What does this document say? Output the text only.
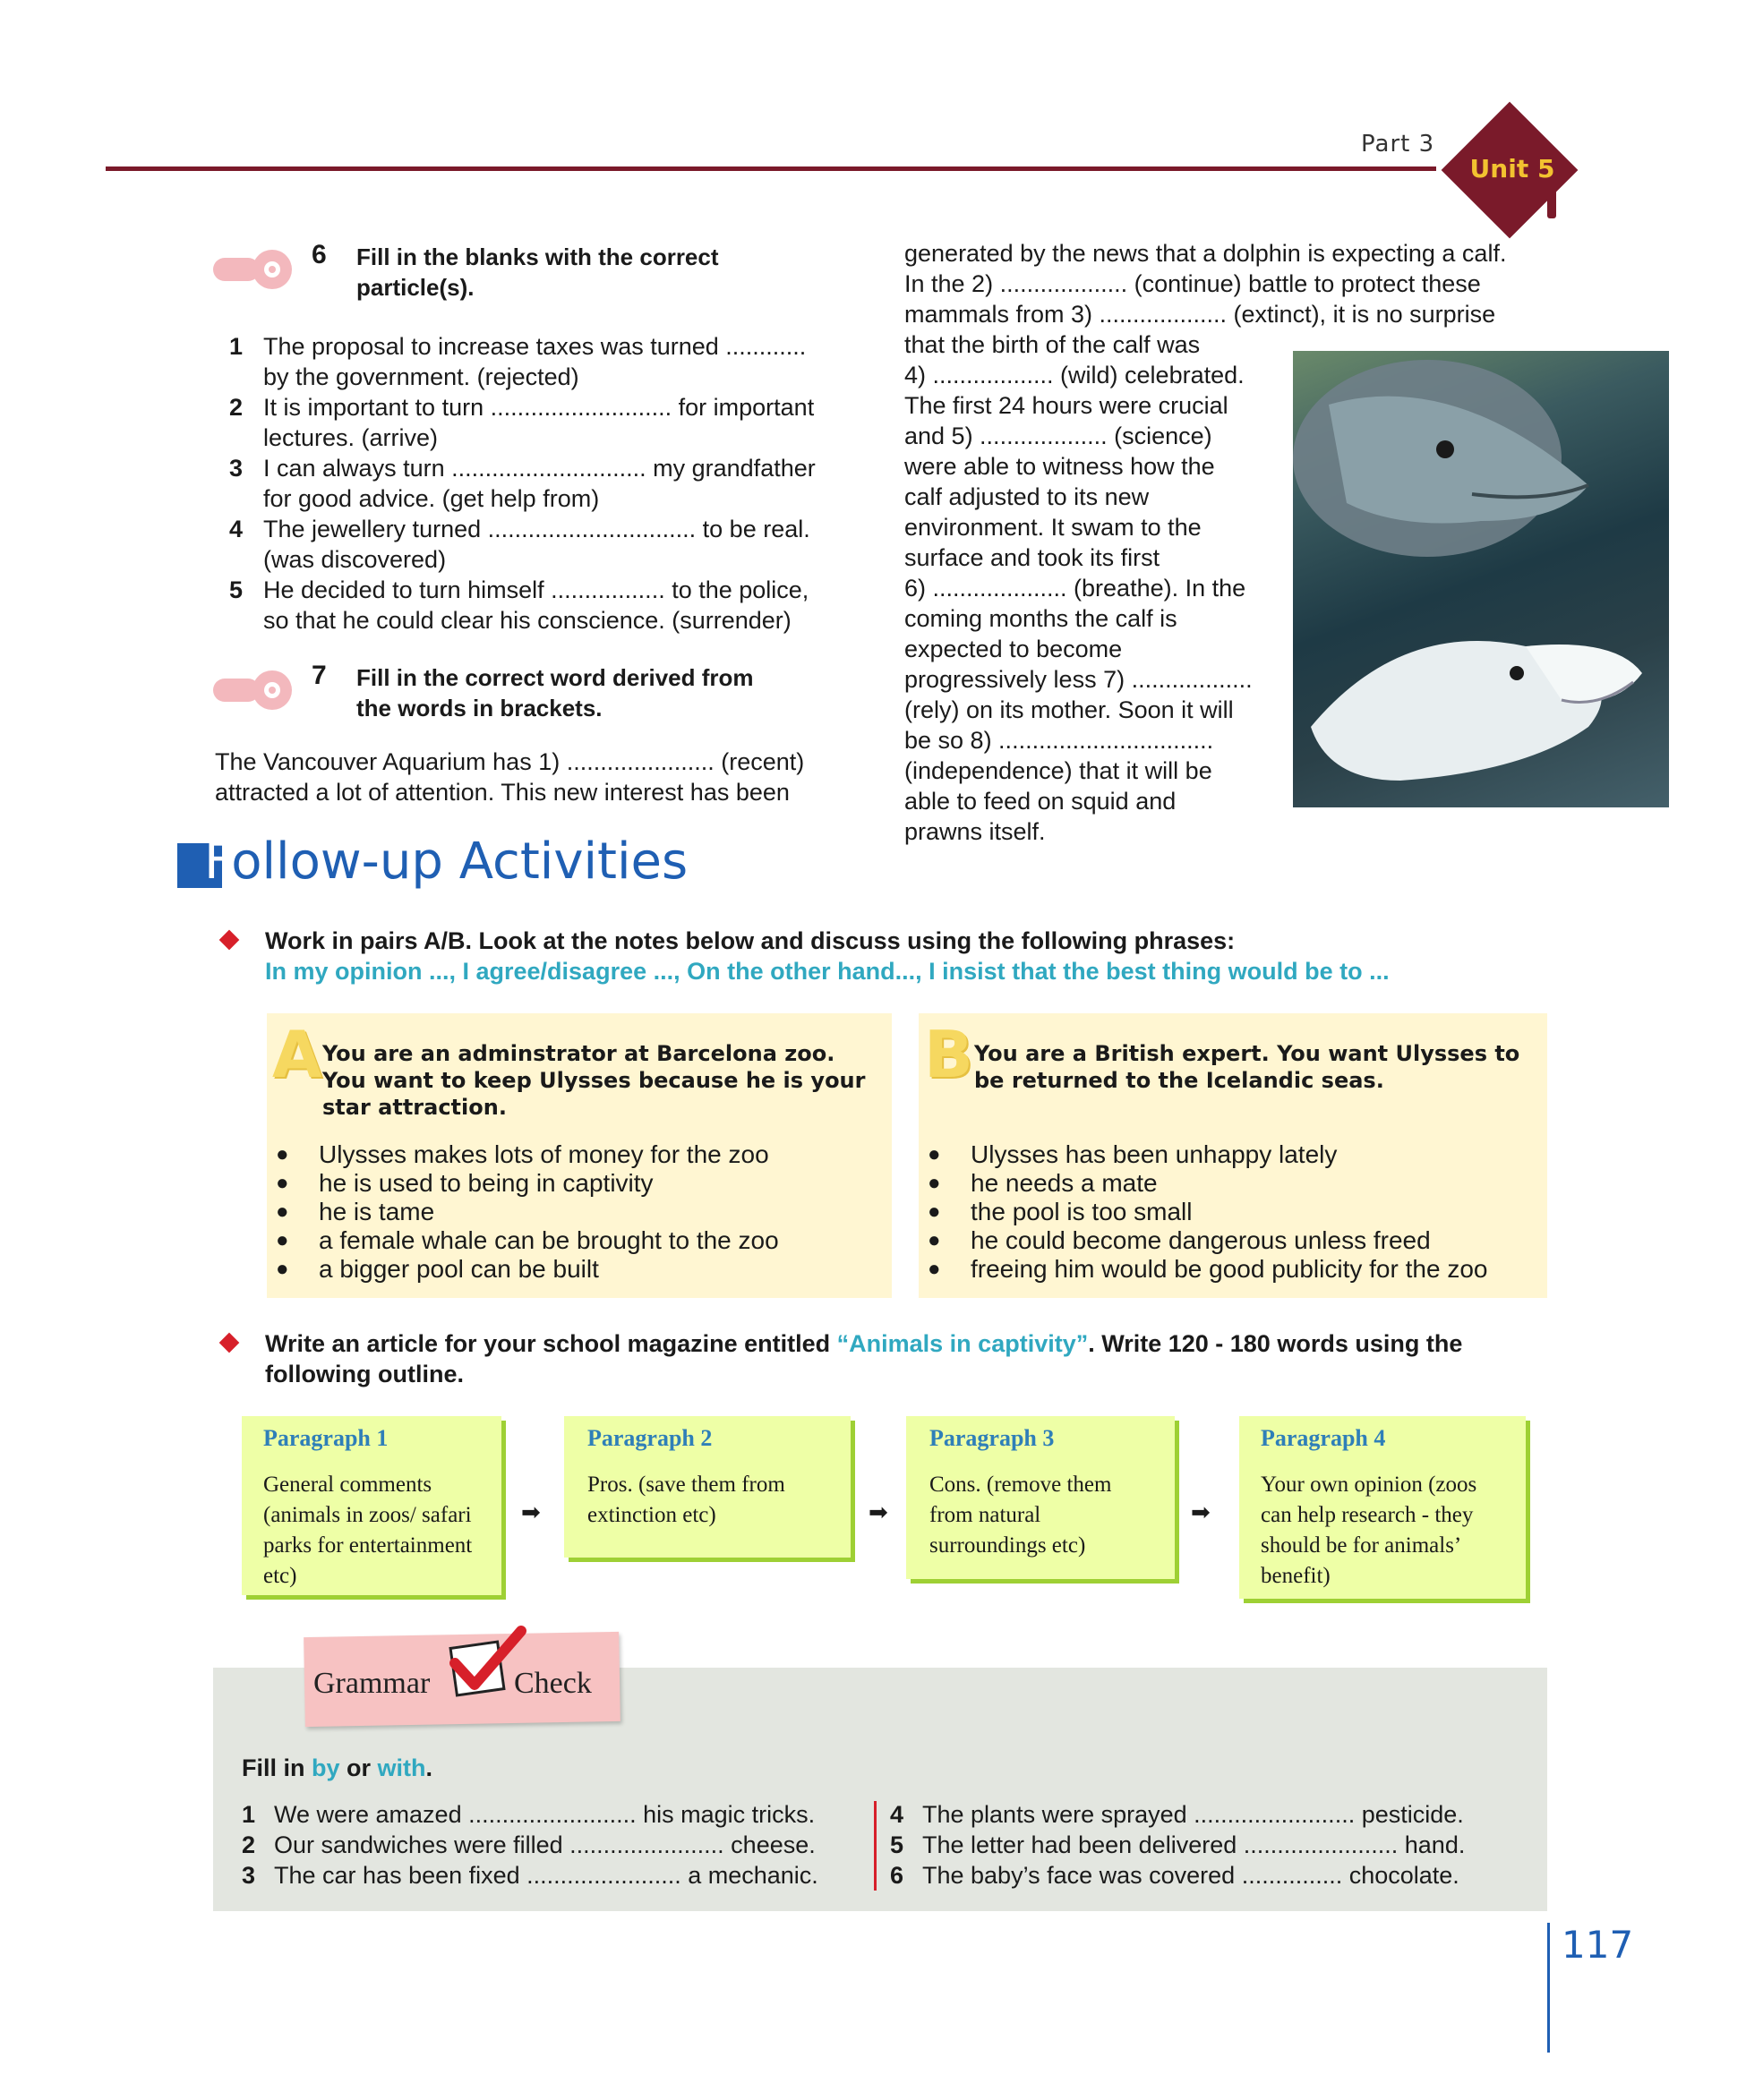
Part 3
Unit 5
6 Fill in the blanks with the correct
particle(s).
1 The proposal to increase taxes was turned ............
by the government. (rejected)
2 It is important to turn ........................... for important
lectures. (arrive)
3 I can always turn ............................. my grandfather
for good advice. (get help from)
4 The jewellery turned ............................... to be real.
(was discovered)
5 He decided to turn himself ................. to the police,
so that he could clear his conscience. (surrender)
7 Fill in the correct word derived from
the words in brackets.
The Vancouver Aquarium has 1) ...................... (recent)
attracted a lot of attention. This new interest has been
generated by the news that a dolphin is expecting a calf.
In the 2) ................... (continue) battle to protect these
mammals from 3) ................... (extinct), it is no surprise
that the birth of the calf was
4) .................. (wild) celebrated.
The first 24 hours were crucial
and 5) ................... (science)
were able to witness how the
calf adjusted to its new
environment. It swam to the
surface and took its first
6) .................... (breathe). In the
coming months the calf is
expected to become
progressively less 7) ..................
(rely) on its mother. Soon it will
be so 8) ................................
(independence) that it will be
able to feed on squid and
prawns itself.
Follow-up Activities
Work in pairs A/B. Look at the notes below and discuss using the following phrases:
In my opinion ..., I agree/disagree ..., On the other hand..., I insist that the best thing would be to ...
A You are an adminstrator at Barcelona zoo. You want to keep Ulysses because he is your star attraction.
●	Ulysses makes lots of money for the zoo
●	he is used to being in captivity
●	he is tame
●	a female whale can be brought to the zoo
●	a bigger pool can be built
B You are a British expert. You want Ulysses to be returned to the Icelandic seas.
●	Ulysses has been unhappy lately
●	he needs a mate
●	the pool is too small
●	he could become dangerous unless freed
●	freeing him would be good publicity for the zoo
Write an article for your school magazine entitled “Animals in captivity”. Write 120 - 180 words using the
following outline.
Paragraph 1
General comments (animals in zoos/ safari parks for entertainment etc)
➡
Paragraph 2
Pros. (save them from extinction etc)	➡
Paragraph 3
Cons. (remove them from natural surroundings etc)
➡
Paragraph 4
Your own opinion (zoos can help research - they should be for animals’ benefit)
Grammar	Check
Fill in by or with.
1 We were amazed ......................... his magic tricks.
2 Our sandwiches were filled ....................... cheese.
3 The car has been fixed ....................... a mechanic.
4 The plants were sprayed ........................ pesticide.
5 The letter had been delivered ....................... hand.
6 The baby’s face was covered ............... chocolate.
117
